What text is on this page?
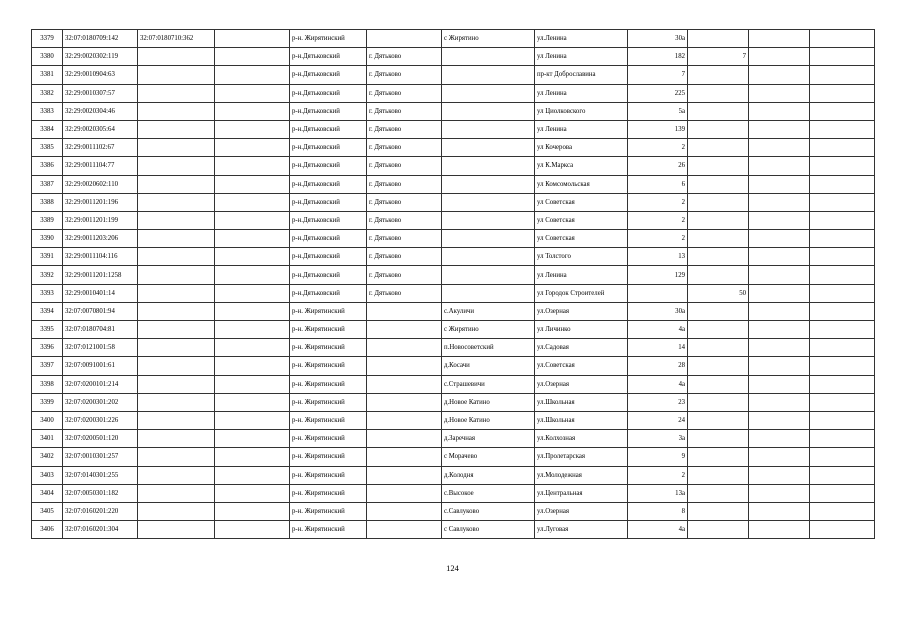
3379	32:07:0180709:142	32:07:0180710:362		р-н. Жирятинский		с Жирятино	ул.Ленина	30а			
3380	32:29:0020302:119			р-н.Дятьковский	г. Дятьково		ул Ленина	182	7		
3381	32:29:0010904:63			р-н.Дятьковский	г. Дятьково		пр-кт Доброславина	7			
3382	32:29:0010307:57			р-н.Дятьковский	г. Дятьково		ул Ленина	225			
3383	32:29:0020304:46			р-н.Дятьковский	г. Дятьково		ул Циолковского	5а			
3384	32:29:0020305:64			р-н.Дятьковский	г. Дятьково		ул Ленина	139			
3385	32:29:0011102:67			р-н.Дятьковский	г. Дятьково		ул Кочерова	2			
3386	32:29:0011104:77			р-н.Дятьковский	г. Дятьково		ул К.Маркса	26			
3387	32:29:0020602:110			р-н.Дятьковский	г. Дятьково		ул Комсомольская	6			
3388	32:29:0011201:196			р-н.Дятьковский	г. Дятьково		ул Советская	2			
3389	32:29:0011201:199			р-н.Дятьковский	г. Дятьково		ул Советская	2			
3390	32:29:0011203:206			р-н.Дятьковский	г. Дятьково		ул Советская	2			
3391	32:29:0011104:116			р-н.Дятьковский	г. Дятьково		ул Толстого	13			
3392	32:29:0011201:1258			р-н.Дятьковский	г. Дятьково		ул Ленина	129			
3393	32:29:0010401:14			р-н.Дятьковский	г. Дятьково		ул Городок Строителей		50		
3394	32:07:0070801:94			р-н. Жирятинский		с.Акуличи	ул.Озерная	30а			
3395	32:07:0180704:81			р-н. Жирятинский		с Жирятино	ул Личинко	4а			
3396	32:07:0121001:58			р-н. Жирятинский		п.Новосоветский	ул.Садовая	14			
3397	32:07:0091001:61			р-н. Жирятинский		д.Косачи	ул.Советская	28			
3398	32:07:0200101:214			р-н. Жирятинский		с.Страшевичи	ул.Озерная	4а			
3399	32:07:0200301:202			р-н. Жирятинский		д.Новое Катино	ул.Школьная	23			
3400	32:07:0200301:226			р-н. Жирятинский		д.Новое Катино	ул.Школьная	24			
3401	32:07:0200501:120			р-н. Жирятинский		д.Заречная	ул.Колхозная	3а			
3402	32:07:0010301:257			р-н. Жирятинский		с Морачево	ул.Пролетарская	9			
3403	32:07:0140301:255			р-н. Жирятинский		д.Колодня	ул.Молодежная	2			
3404	32:07:0050301:182			р-н. Жирятинский		с.Высокое	ул.Центральная	13а			
3405	32:07:0160201:220			р-н. Жирятинский		с.Савлуково	ул.Озерная	8			
3406	32:07:0160201:304			р-н. Жирятинский		с Савлуково	ул.Луговая	4а			
124
